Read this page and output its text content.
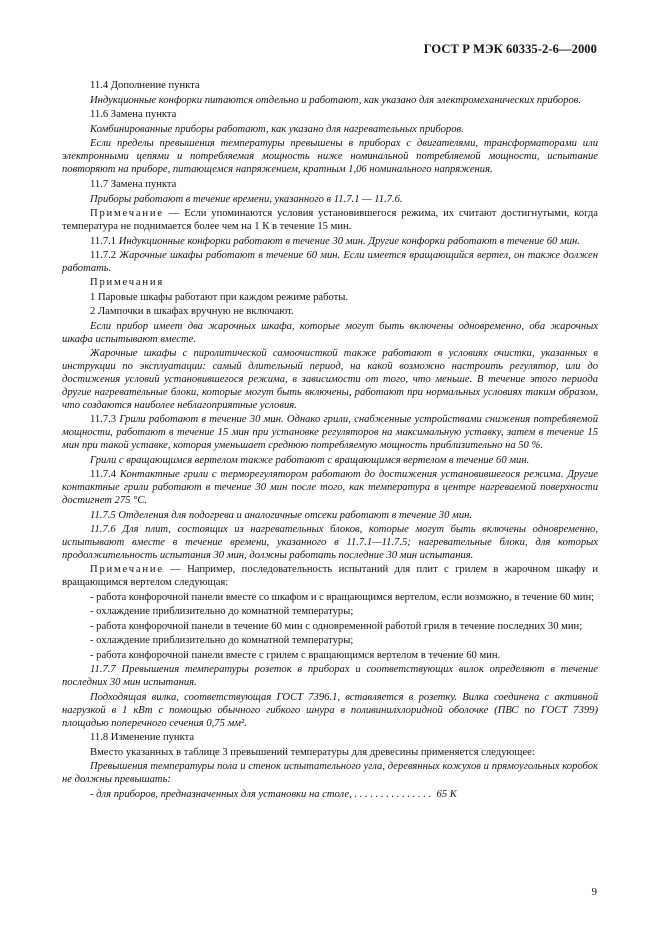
ГОСТ Р МЭК 60335-2-6—2000

11.4 Дополнение пункта

Индукционные конфорки питаются отдельно и работают, как указано для электромеханических приборов.

11.6 Замена пункта

Комбинированные приборы работают, как указано для нагревательных приборов.

Если пределы превышения температуры превышены в приборах с двигателями, трансформаторами или электронными цепями и потребляемая мощность ниже номинальной потребляемой мощности, испытание повторяют на приборе, питающемся напряжением, кратным 1,06 номинального напряжения.

11.7 Замена пункта

Приборы работают в течение времени, указанного в 11.7.1 — 11.7.6.

Примечание — Если упоминаются условия установившегося режима, их считают достигнутыми, когда температура не поднимается более чем на 1 К в течение 15 мин.

11.7.1 Индукционные конфорки работают в течение 30 мин. Другие конфорки работают в течение 60 мин.

11.7.2 Жарочные шкафы работают в течение 60 мин. Если имеется вращающийся вертел, он также должен работать.

Примечания

1 Паровые шкафы работают при каждом режиме работы.

2 Лампочки в шкафах вручную не включают.

Если прибор имеет два жарочных шкафа, которые могут быть включены одновременно, оба жарочных шкафа испытывают вместе.

Жарочные шкафы с пиролитической самоочисткой также работают в условиях очистки, указанных в инструкции по эксплуатации: самый длительный период, на какой возможно настроить регулятор, или до достижения условий установившегося режима, в зависимости от того, что меньше. В течение этого периода другие нагревательные блоки, которые могут быть включены, работают при нормальных условиях таким образом, что создаются наиболее неблагоприятные условия.

11.7.3 Грили работают в течение 30 мин. Однако грили, снабженные устройствами снижения потребляемой мощности, работают в течение 15 мин при установке регуляторов на максимальную уставку, затем в течение 15 мин при такой уставке, которая уменьшает среднюю потребляемую мощность приблизительно на 50 %.

Грили с вращающимся вертелом также работают с вращающимся вертелом в течение 60 мин.

11.7.4 Контактные грили с терморегулятором работают до достижения установившегося режима. Другие контактные грили работают в течение 30 мин после того, как температура в центре нагреваемой поверхности достигнет 275 °С.

11.7.5 Отделения для подогрева и аналогичные отсеки работают в течение 30 мин.

11.7.6 Для плит, состоящих из нагревательных блоков, которые могут быть включены одновременно, испытывают вместе в течение времени, указанного в 11.7.1—11.7.5; нагревательные блоки, для которых продолжительность испытания 30 мин, должны работать последние 30 мин испытания.

Примечание — Например, последовательность испытаний для плит с грилем в жарочном шкафу и вращающимся вертелом следующая:

- работа конфорочной панели вместе со шкафом и с вращающимся вертелом, если возможно, в течение 60 мин;

- охлаждение приблизительно до комнатной температуры;

- работа конфорочной панели в течение 60 мин с одновременной работой гриля в течение последних 30 мин;

- охлаждение приблизительно до комнатной температуры;

- работа конфорочной панели вместе с грилем с вращающимся вертелом в течение 60 мин.

11.7.7 Превышения температуры розеток в приборах и соответствующих вилок определяют в течение последних 30 мин испытания.

Подходящая вилка, соответствующая ГОСТ 7396.1, вставляется в розетку. Вилка соединена с активной нагрузкой в 1 кВт с помощью обычного гибкого шнура в поливинилхлоридной оболочке (ПВС по ГОСТ 7399) площадью поперечного сечения 0,75 мм².

11.8 Изменение пункта

Вместо указанных в таблице 3 превышений температуры для древесины применяется следующее:

Превышения температуры пола и стенок испытательного угла, деревянных кожухов и прямоугольных коробок не должны превышать:

- для приборов, предназначенных для установки на столе, . . . . . . . . . . . . . . .  65 К

9
